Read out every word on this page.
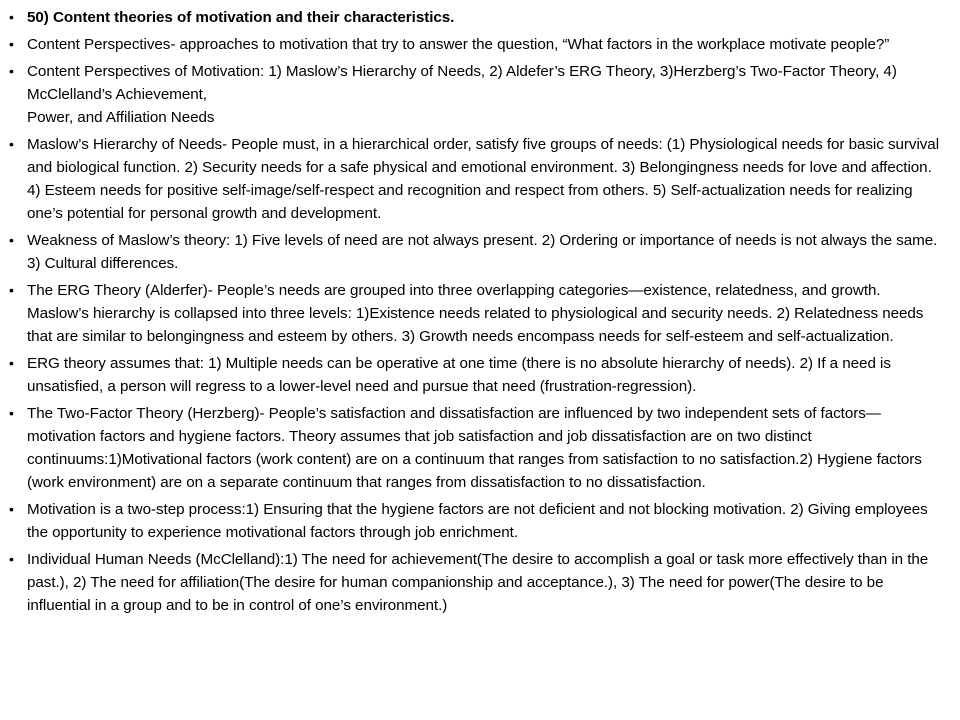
• 50) Content theories of motivation and their characteristics.
• Content Perspectives- approaches to motivation that try to answer the question, “What factors in the workplace motivate people?”
• Content Perspectives of Motivation: 1) Maslow’s Hierarchy of Needs, 2) Aldefer’s ERG Theory, 3)Herzberg’s Two-Factor Theory, 4) McClelland’s Achievement,
Power, and Affiliation Needs
• Maslow’s Hierarchy of Needs- People must, in a hierarchical order, satisfy five groups of needs: (1) Physiological needs for basic survival and biological function. 2) Security needs for a safe physical and emotional environment. 3) Belongingness needs for love and affection. 4) Esteem needs for positive self-image/self-respect and recognition and respect from others. 5) Self-actualization needs for realizing one’s potential for personal growth and development.
• Weakness of Maslow’s theory: 1) Five levels of need are not always present. 2) Ordering or importance of needs is not always the same. 3) Cultural differences.
• The ERG Theory (Alderfer)- People’s needs are grouped into three overlapping categories—existence, relatedness, and growth. Maslow’s hierarchy is collapsed into three levels: 1)Existence needs related to physiological and security needs. 2) Relatedness needs that are similar to belongingness and esteem by others. 3) Growth needs encompass needs for self-esteem and self-actualization.
• ERG theory assumes that: 1) Multiple needs can be operative at one time (there is no absolute hierarchy of needs). 2) If a need is unsatisfied, a person will regress to a lower-level need and pursue that need (frustration-regression).
• The Two-Factor Theory (Herzberg)- People’s satisfaction and dissatisfaction are influenced by two independent sets of factors—motivation factors and hygiene factors. Theory assumes that job satisfaction and job dissatisfaction are on two distinct continuums:1)Motivational factors (work content) are on a continuum that ranges from satisfaction to no satisfaction.2) Hygiene factors (work environment) are on a separate continuum that ranges from dissatisfaction to no dissatisfaction.
• Motivation is a two-step process:1) Ensuring that the hygiene factors are not deficient and not blocking motivation. 2) Giving employees the opportunity to experience motivational factors through job enrichment.
• Individual Human Needs (McClelland):1) The need for achievement(The desire to accomplish a goal or task more effectively than in the past.), 2) The need for affiliation(The desire for human companionship and acceptance.), 3) The need for power(The desire to be influential in a group and to be in control of one’s environment.)
